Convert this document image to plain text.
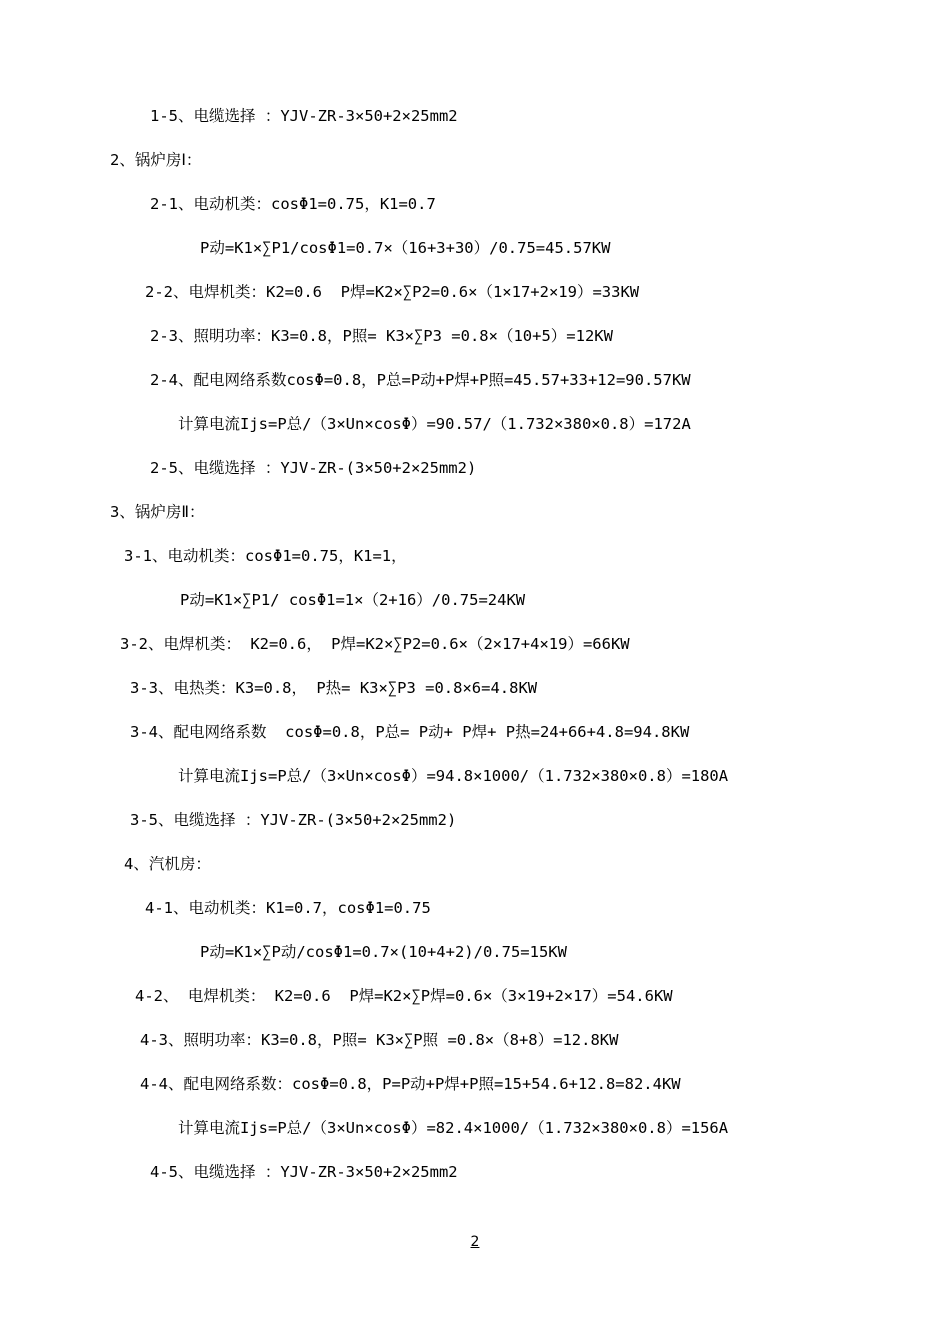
1-5、电缆选择 ：YJV-ZR-3×50+2×25mm2
2、锅炉房Ⅰ：
2-1、电动机类：cosΦ1=0.75，K1=0.7
P动=K1×∑P1/cosΦ1=0.7×（16+3+30）/0.75=45.57KW
2-2、电焊机类：K2=0.6  P焊=K2×∑P2=0.6×（1×17+2×19）=33KW
2-3、照明功率：K3=0.8，P照= K3×∑P3 =0.8×（10+5）=12KW
2-4、配电网络系数cosΦ=0.8，P总=P动+P焊+P照=45.57+33+12=90.57KW
计算电流Ijs=P总/（3×Un×cosΦ）=90.57/（1.732×380×0.8）=172A
2-5、电缆选择 ：YJV-ZR-(3×50+2×25mm2)
3、锅炉房Ⅱ：
3-1、电动机类：cosΦ1=0.75，K1=1，
P动=K1×∑P1/ cosΦ1=1×（2+16）/0.75=24KW
3-2、电焊机类： K2=0.6， P焊=K2×∑P2=0.6×（2×17+4×19）=66KW
3-3、电热类：K3=0.8， P热= K3×∑P3 =0.8×6=4.8KW
3-4、配电网络系数  cosΦ=0.8，P总= P动+ P焊+ P热=24+66+4.8=94.8KW
计算电流Ijs=P总/（3×Un×cosΦ）=94.8×1000/（1.732×380×0.8）=180A
3-5、电缆选择 ：YJV-ZR-(3×50+2×25mm2)
4、汽机房：
4-1、电动机类：K1=0.7，cosΦ1=0.75
P动=K1×∑P动/cosΦ1=0.7×(10+4+2)/0.75=15KW
4-2、 电焊机类： K2=0.6  P焊=K2×∑P焊=0.6×（3×19+2×17）=54.6KW
4-3、照明功率：K3=0.8，P照= K3×∑P照 =0.8×（8+8）=12.8KW
4-4、配电网络系数：cosΦ=0.8，P=P动+P焊+P照=15+54.6+12.8=82.4KW
计算电流Ijs=P总/（3×Un×cosΦ）=82.4×1000/（1.732×380×0.8）=156A
4-5、电缆选择 ：YJV-ZR-3×50+2×25mm2
2
